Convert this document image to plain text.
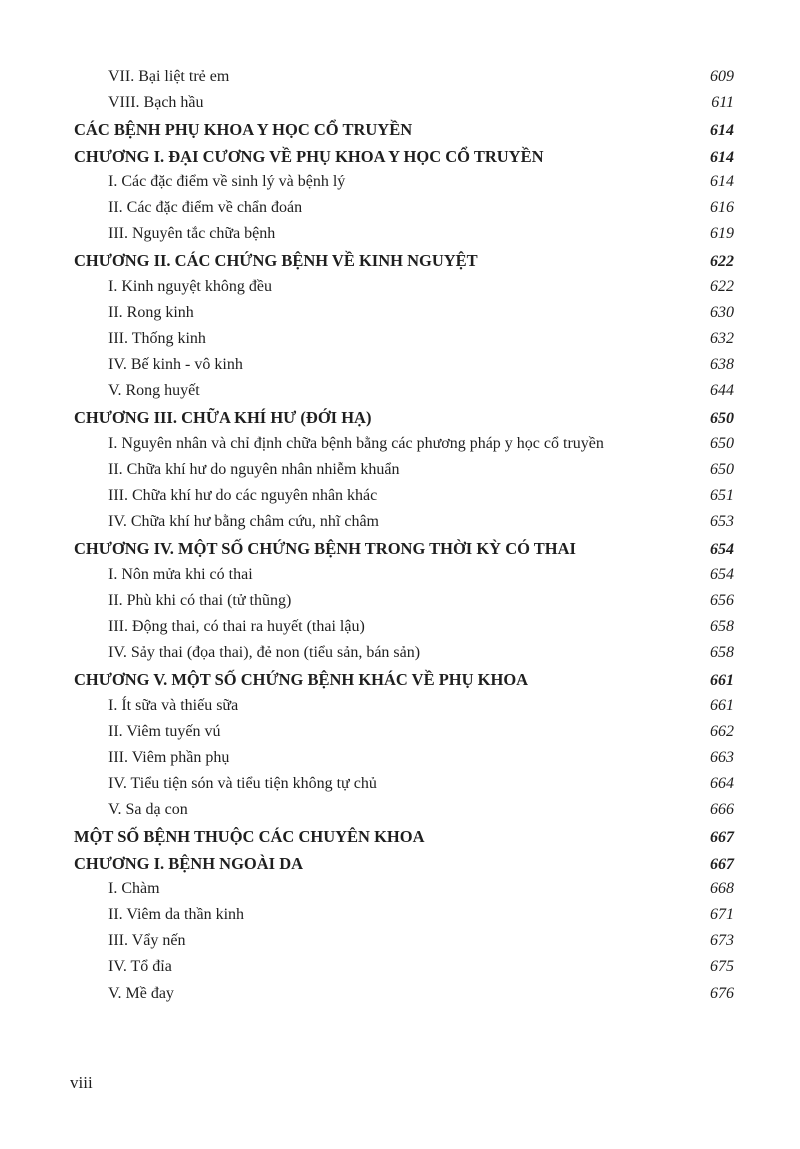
VII. Bại liệt trẻ em	609
VIII. Bạch hầu	611
CÁC BỆNH PHỤ KHOA Y HỌC CỔ TRUYỀN	614
CHƯƠNG I. ĐẠI CƯƠNG VỀ PHỤ KHOA Y HỌC CỔ TRUYỀN	614
I. Các đặc điểm về sinh lý và bệnh lý	614
II. Các đặc điểm về chẩn đoán	616
III. Nguyên tắc chữa bệnh	619
CHƯƠNG II. CÁC CHỨNG BỆNH VỀ KINH NGUYỆT	622
I. Kinh nguyệt không đều	622
II. Rong kinh	630
III. Thống kinh	632
IV. Bế kinh - vô kinh	638
V. Rong huyết	644
CHƯƠNG III. CHỮA KHÍ HƯ (ĐỚI HẠ)	650
I. Nguyên nhân và chỉ định chữa bệnh bằng các phương pháp y học cổ truyền	650
II. Chữa khí hư do nguyên nhân nhiễm khuẩn	650
III. Chữa khí hư do các nguyên nhân khác	651
IV. Chữa khí hư bằng châm cứu, nhĩ châm	653
CHƯƠNG IV. MỘT SỐ CHỨNG BỆNH TRONG THỜI KỲ CÓ THAI	654
I. Nôn mửa khi có thai	654
II. Phù khi có thai (tử thũng)	656
III. Động thai, có thai ra huyết (thai lậu)	658
IV. Sảy thai (đọa thai), đẻ non (tiểu sản, bán sản)	658
CHƯƠNG V. MỘT SỐ CHỨNG BỆNH KHÁC VỀ PHỤ KHOA	661
I. Ít sữa và thiếu sữa	661
II. Viêm tuyến vú	662
III. Viêm phần phụ	663
IV. Tiểu tiện són và tiểu tiện không tự chủ	664
V. Sa dạ con	666
MỘT SỐ BỆNH THUỘC CÁC CHUYÊN KHOA	667
CHƯƠNG I. BỆNH NGOÀI DA	667
I. Chàm	668
II. Viêm da thần kinh	671
III. Vẩy nến	673
IV. Tổ đỉa	675
V. Mề đay	676
viii
